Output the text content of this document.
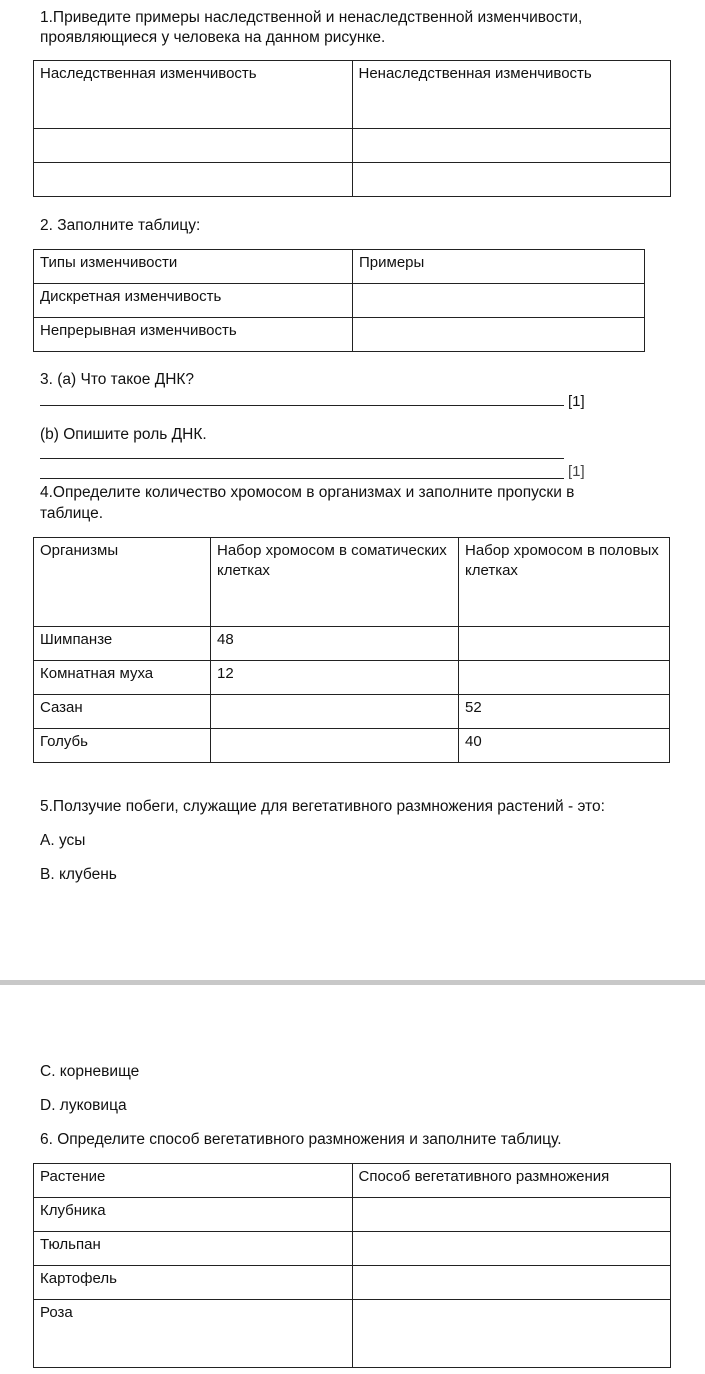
1.Приведите примеры наследственной и ненаследственной изменчивости,
проявляющиеся у человека на данном рисунке.
Наследственная изменчивость	Ненаследственная изменчивость

2. Заполните таблицу:
Типы изменчивости	Примеры
Дискретная изменчивость	
Непрерывная изменчивость	
3. (а) Что такое ДНК?
[1]
(b) Опишите роль ДНК.
[1]
4.Определите количество хромосом в организмах и заполните пропуски в
таблице.
Организмы	Набор хромосом в соматических клетках	Набор хромосом в половых клетках
Шимпанзе	48	
Комнатная муха	12	
Сазан		52
Голубь		40
5.Ползучие побеги, служащие для вегетативного размножения растений - это:
А. усы
В. клубень
С. корневище
D. луковица
6. Определите способ вегетативного размножения и заполните таблицу.
Растение	Способ вегетативного размножения
Клубника	
Тюльпан	
Картофель	
Роза	
